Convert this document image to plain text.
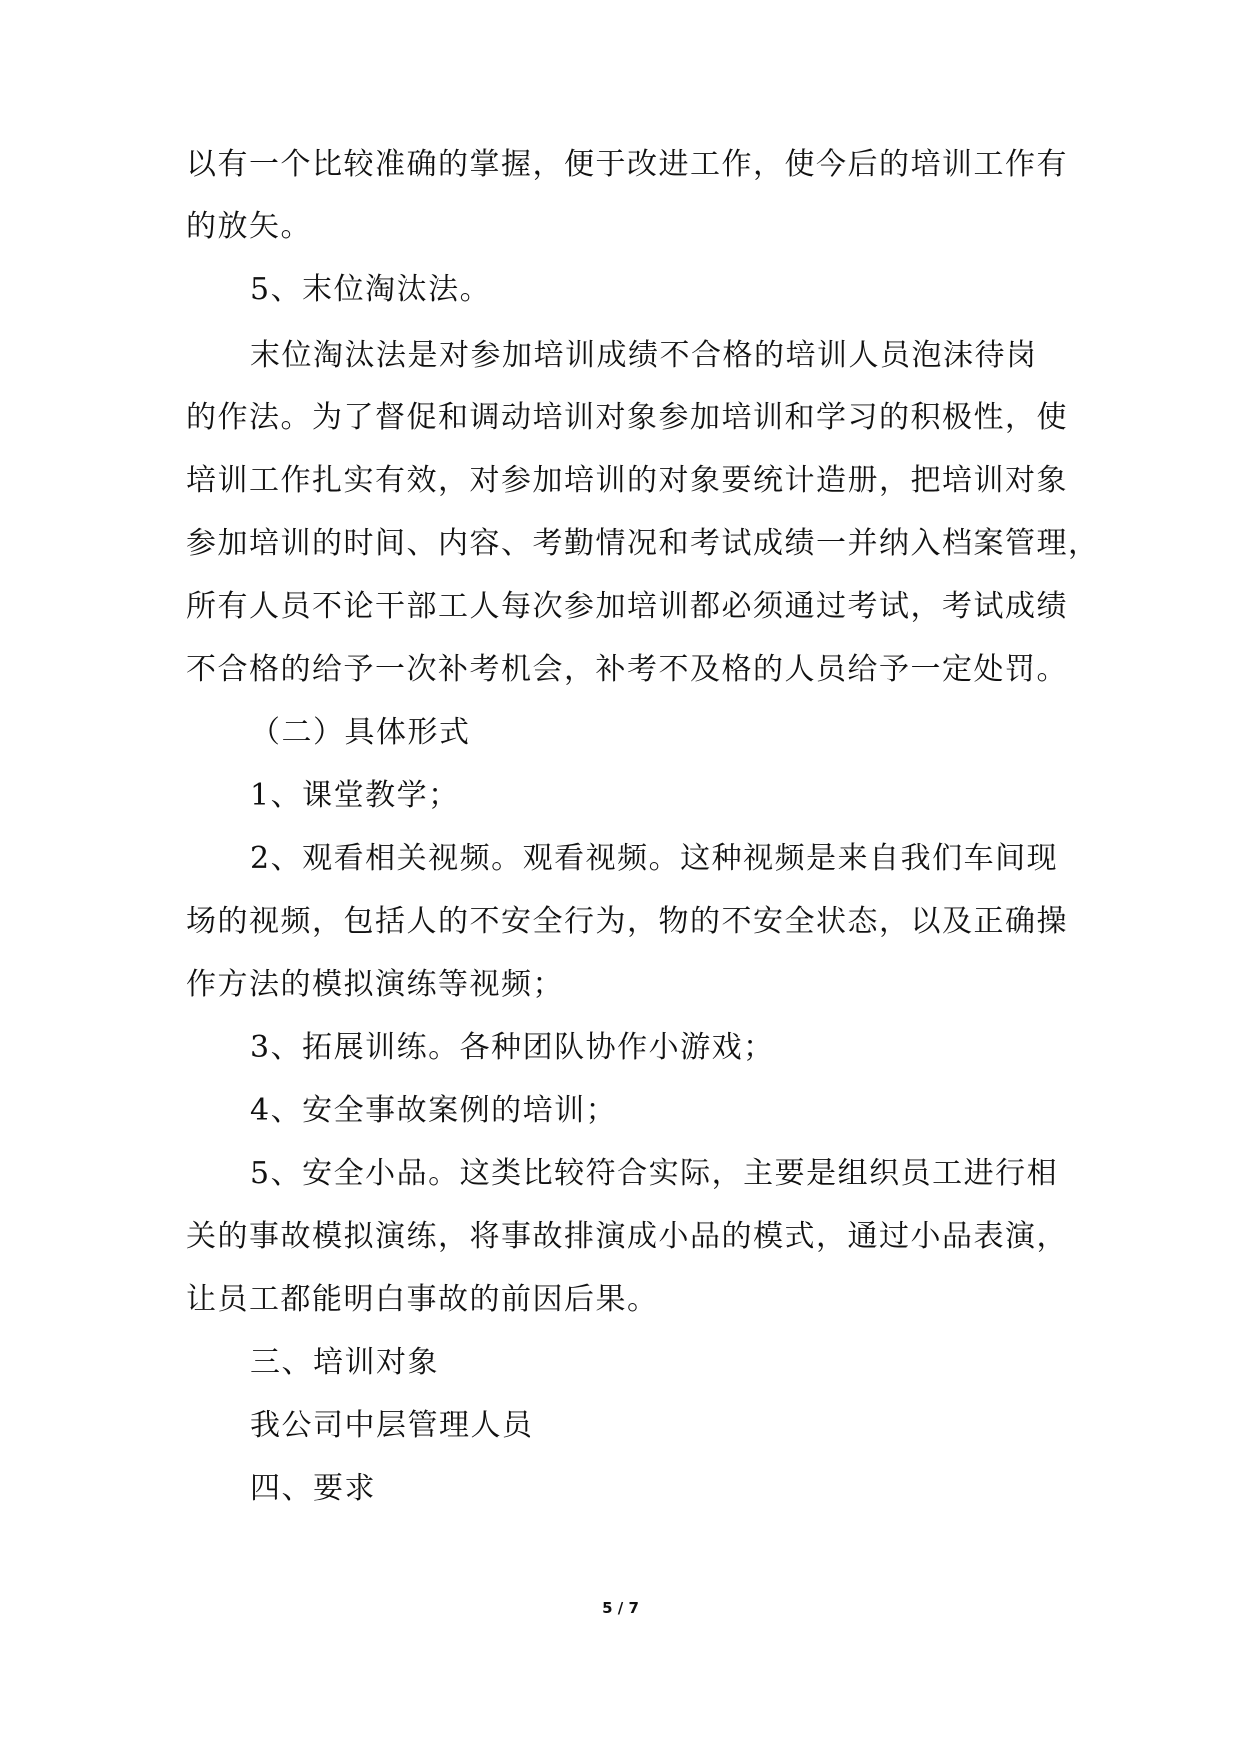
以有一个比较准确的掌握，便于改进工作，使今后的培训工作有
的放矢。
5、末位淘汰法。
末位淘汰法是对参加培训成绩不合格的培训人员泡沫待岗
的作法。为了督促和调动培训对象参加培训和学习的积极性，使
培训工作扎实有效，对参加培训的对象要统计造册，把培训对象
参加培训的时间、内容、考勤情况和考试成绩一并纳入档案管理，
所有人员不论干部工人每次参加培训都必须通过考试，考试成绩
不合格的给予一次补考机会，补考不及格的人员给予一定处罚。
（二）具体形式
1、课堂教学；
2、观看相关视频。观看视频。这种视频是来自我们车间现
场的视频，包括人的不安全行为，物的不安全状态，以及正确操
作方法的模拟演练等视频；
3、拓展训练。各种团队协作小游戏；
4、安全事故案例的培训；
5、安全小品。这类比较符合实际，主要是组织员工进行相
关的事故模拟演练，将事故排演成小品的模式，通过小品表演，
让员工都能明白事故的前因后果。
三、培训对象
我公司中层管理人员
四、要求
5 / 7
